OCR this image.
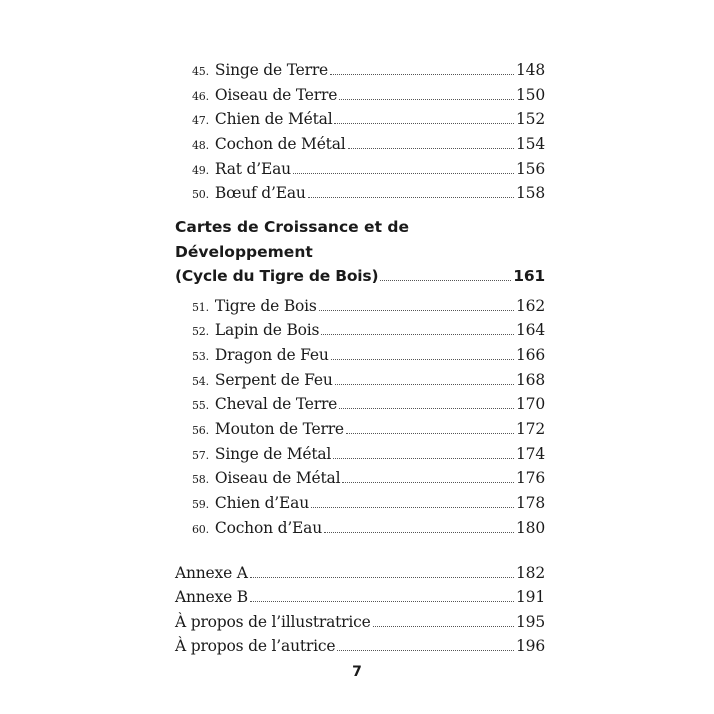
45. Singe de Terre	148
46. Oiseau de Terre	150
47. Chien de Métal	152
48. Cochon de Métal	154
49. Rat d’Eau	156
50. Bœuf d’Eau	158
Cartes de Croissance et de Développement
(Cycle du Tigre de Bois)	161
51. Tigre de Bois	162
52. Lapin de Bois	164
53. Dragon de Feu	166
54. Serpent de Feu	168
55. Cheval de Terre	170
56. Mouton de Terre	172
57. Singe de Métal	174
58. Oiseau de Métal	176
59. Chien d’Eau	178
60. Cochon d’Eau	180
Annexe A	182
Annexe B	191
À propos de l’illustratrice	195
À propos de l’autrice	196
7
